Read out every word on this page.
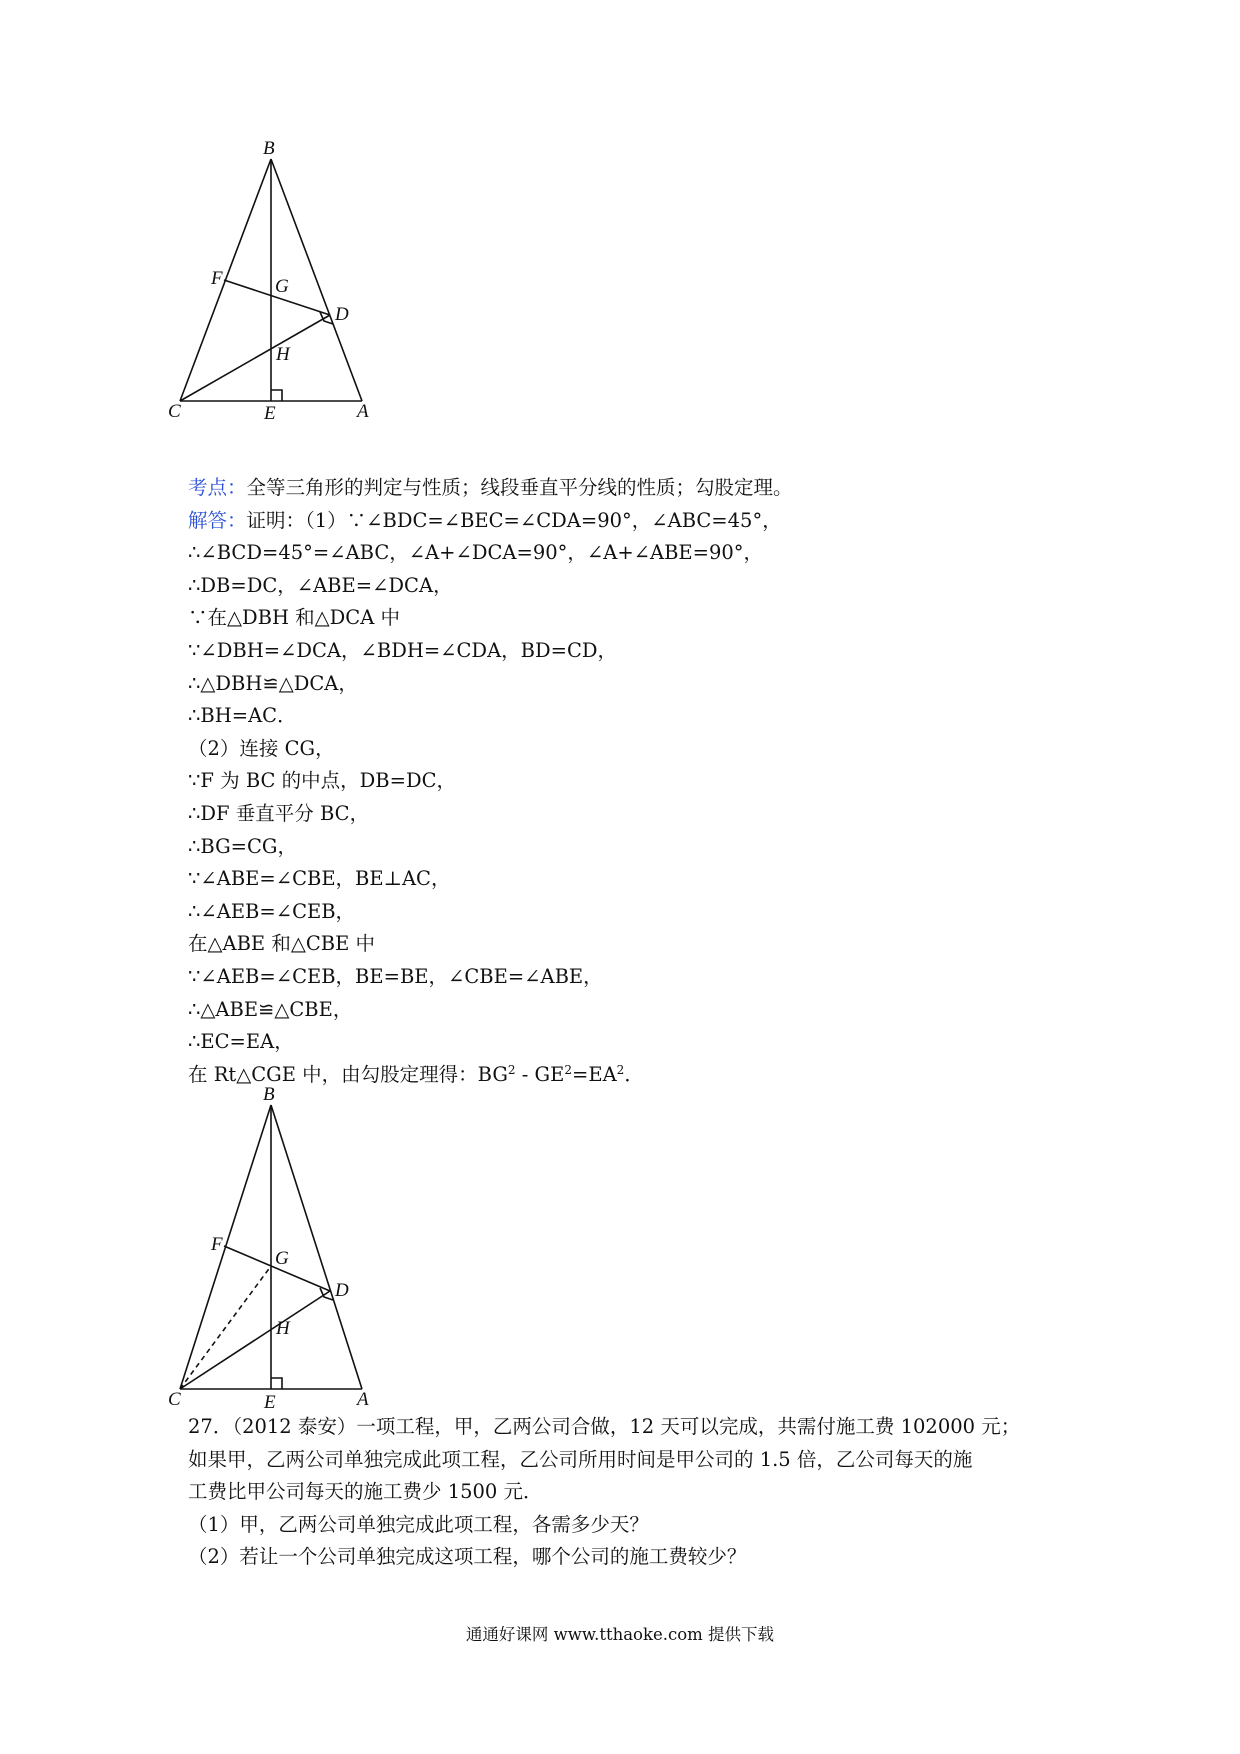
B
F	G
D
H
C	E	A
考点：全等三角形的判定与性质；线段垂直平分线的性质；勾股定理。
解答：证明：（1）∵∠BDC=∠BEC=∠CDA=90°，∠ABC=45°，
∴∠BCD=45°=∠ABC，∠A+∠DCA=90°，∠A+∠ABE=90°，
∴DB=DC，∠ABE=∠DCA，
∵在△DBH 和△DCA 中
∵∠DBH=∠DCA，∠BDH=∠CDA，BD=CD，
∴△DBH≌△DCA，
∴BH=AC．
（2）连接 CG，
∵F 为 BC 的中点，DB=DC，
∴DF 垂直平分 BC，
∴BG=CG，
∵∠ABE=∠CBE，BE⊥AC，
∴∠AEB=∠CEB，
在△ABE 和△CBE 中
∵∠AEB=∠CEB，BE=BE，∠CBE=∠ABE，
∴△ABE≌△CBE，
∴EC=EA，
在 Rt△CGE 中，由勾股定理得：$BG^2 - GE^2=EA^2$．
B
F
G
D
H
C	E	A
27．（2012 泰安）一项工程，甲，乙两公司合做，12 天可以完成，共需付施工费 102000 元；
如果甲，乙两公司单独完成此项工程，乙公司所用时间是甲公司的 1.5 倍，乙公司每天的施
工费比甲公司每天的施工费少 1500 元．
（1）甲，乙两公司单独完成此项工程，各需多少天？
（2）若让一个公司单独完成这项工程，哪个公司的施工费较少？
通通好课网 www.tthaoke.com 提供下载
